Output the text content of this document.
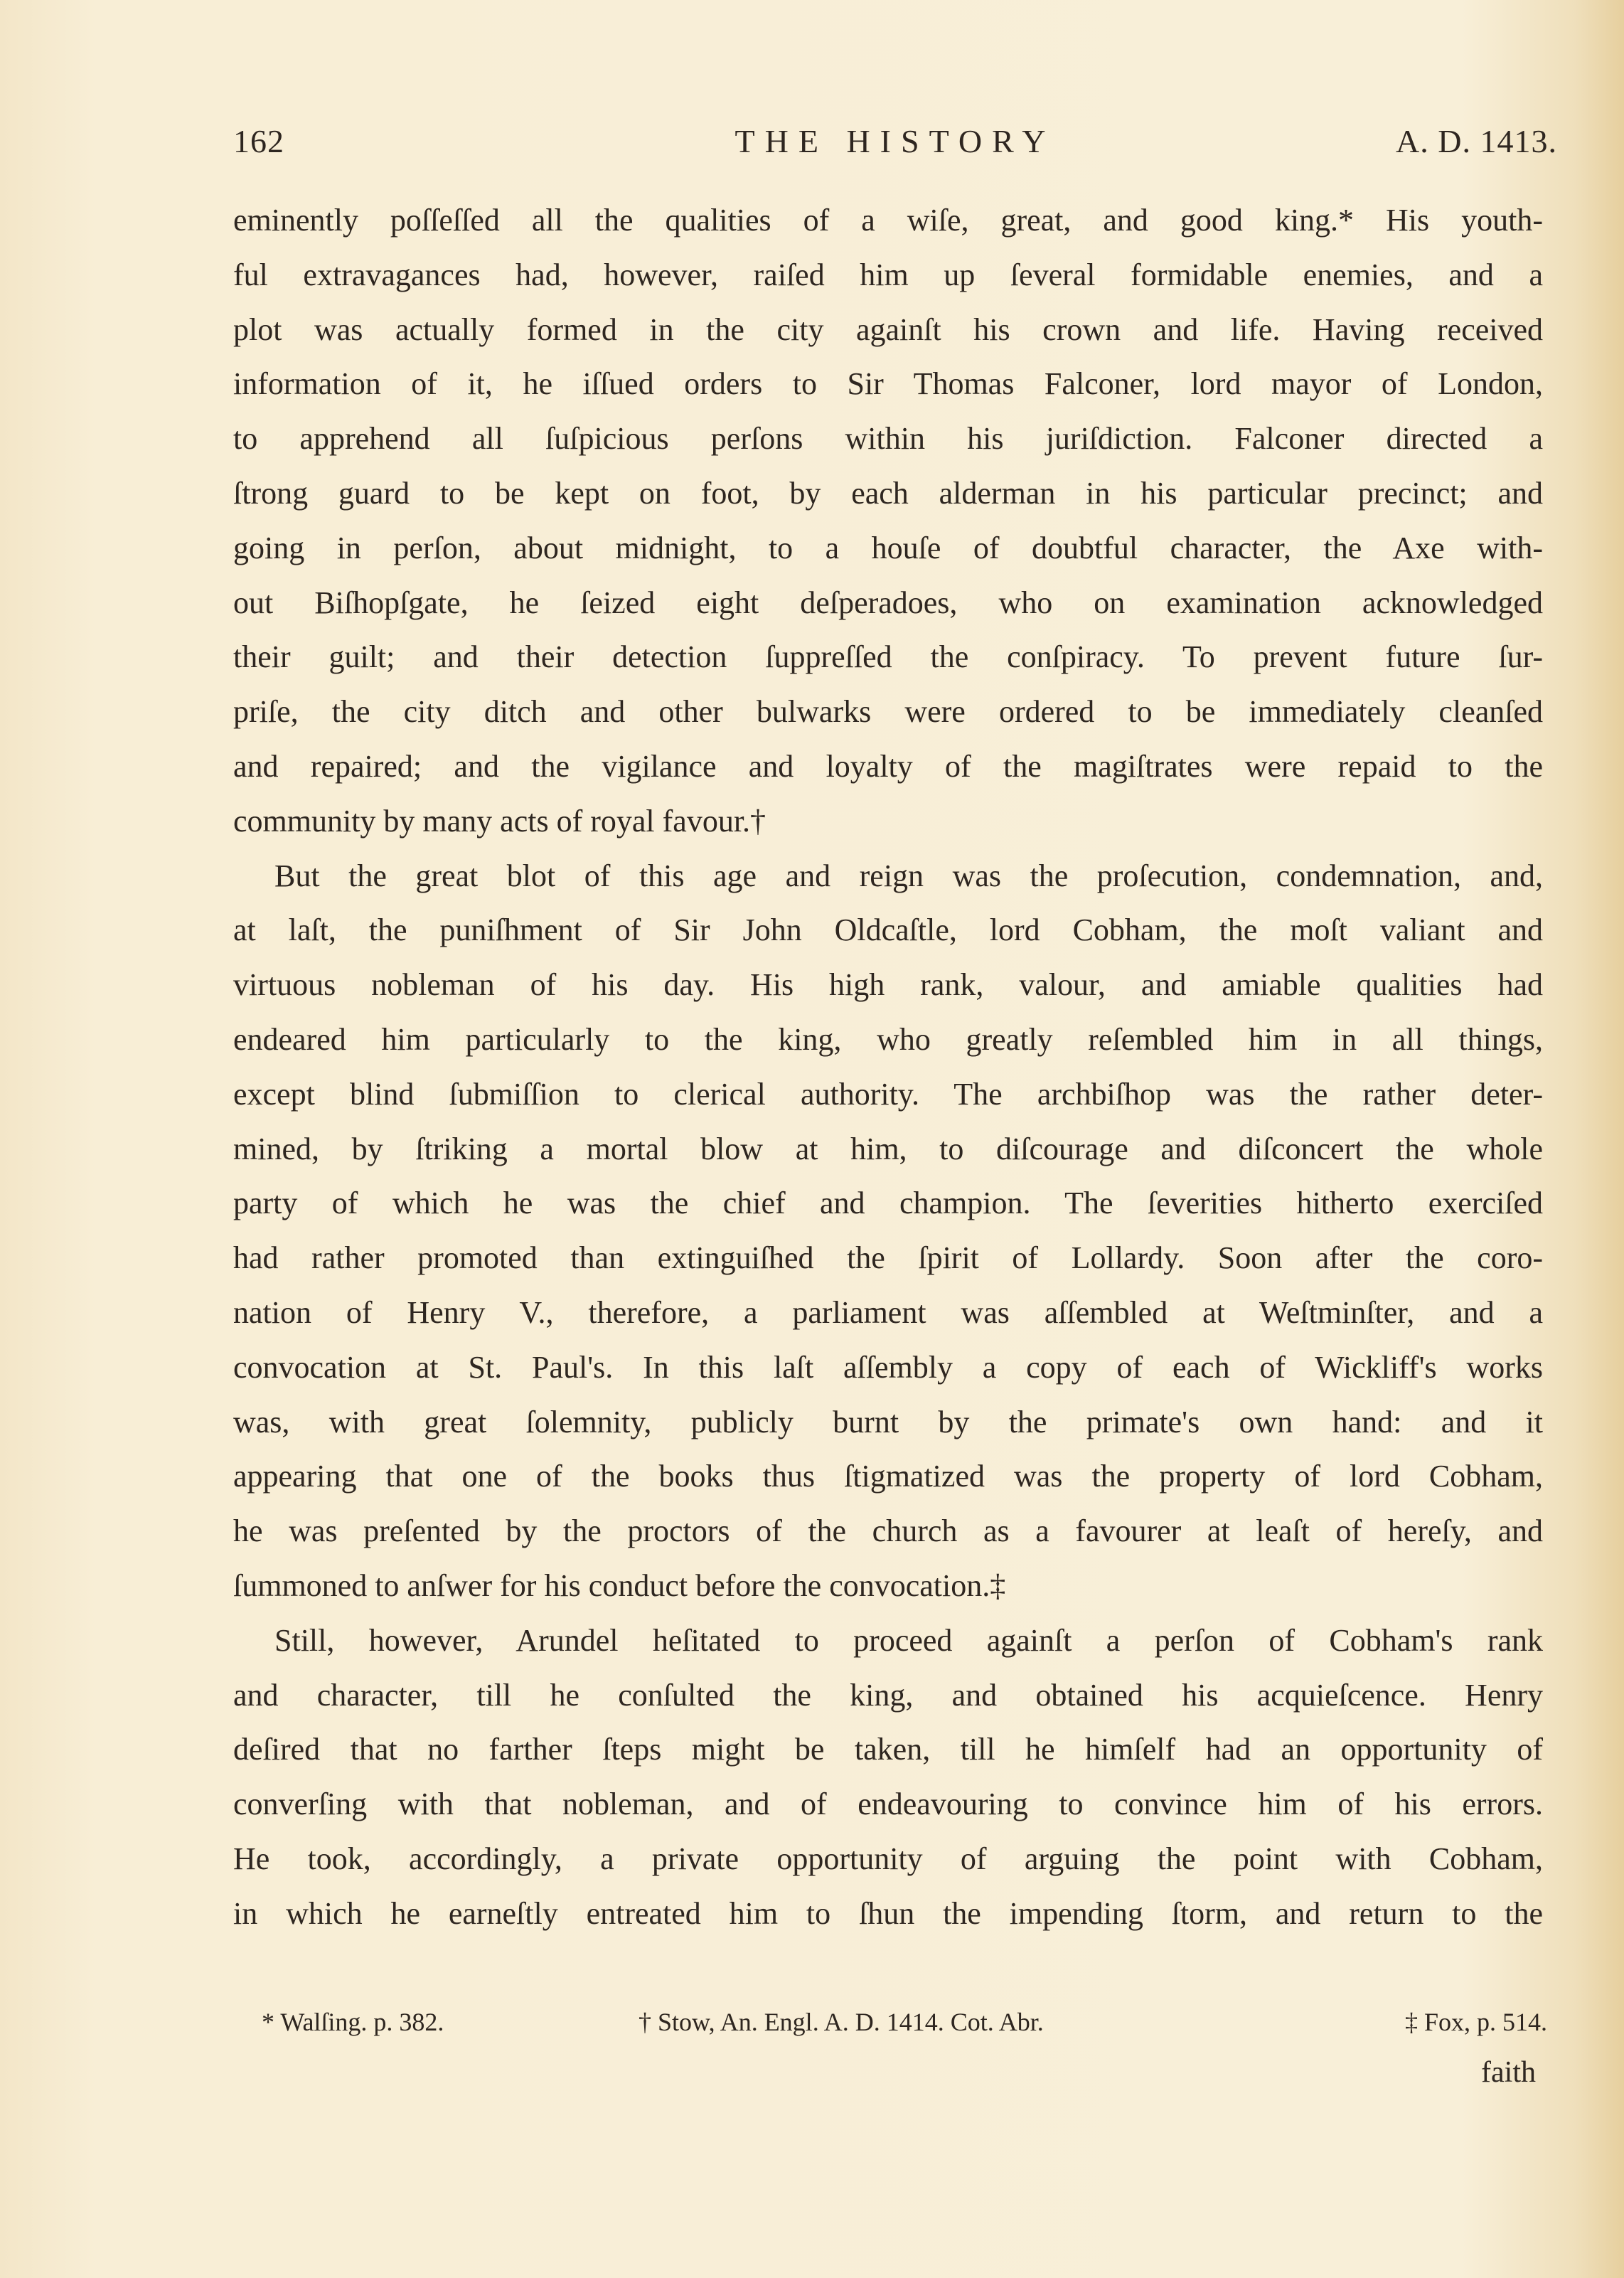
162	THE HISTORY	A. D. 1413.
eminently poſſeſſed all the qualities of a wiſe, great, and good king.* His youth-
ful extravagances had, however, raiſed him up ſeveral formidable enemies, and a
plot was actually formed in the city againſt his crown and life. Having received
information of it, he iſſued orders to Sir Thomas Falconer, lord mayor of London,
to apprehend all ſuſpicious perſons within his juriſdiction. Falconer directed a
ſtrong guard to be kept on foot, by each alderman in his particular precinct; and
going in perſon, about midnight, to a houſe of doubtful character, the Axe with-
out Biſhopſgate, he ſeized eight deſperadoes, who on examination acknowledged
their guilt; and their detection ſuppreſſed the conſpiracy. To prevent future ſur-
priſe, the city ditch and other bulwarks were ordered to be immediately cleanſed
and repaired; and the vigilance and loyalty of the magiſtrates were repaid to the
community by many acts of royal favour.†
But the great blot of this age and reign was the proſecution, condemnation, and,
at laſt, the puniſhment of Sir John Oldcaſtle, lord Cobham, the moſt valiant and
virtuous nobleman of his day. His high rank, valour, and amiable qualities had
endeared him particularly to the king, who greatly reſembled him in all things,
except blind ſubmiſſion to clerical authority. The archbiſhop was the rather deter-
mined, by ſtriking a mortal blow at him, to diſcourage and diſconcert the whole
party of which he was the chief and champion. The ſeverities hitherto exerciſed
had rather promoted than extinguiſhed the ſpirit of Lollardy. Soon after the coro-
nation of Henry V., therefore, a parliament was aſſembled at Weſtminſter, and a
convocation at St. Paul's. In this laſt aſſembly a copy of each of Wickliff's works
was, with great ſolemnity, publicly burnt by the primate's own hand: and it
appearing that one of the books thus ſtigmatized was the property of lord Cobham,
he was preſented by the proctors of the church as a favourer at leaſt of hereſy, and
ſummoned to anſwer for his conduct before the convocation.‡
Still, however, Arundel heſitated to proceed againſt a perſon of Cobham's rank
and character, till he conſulted the king, and obtained his acquieſcence. Henry
deſired that no farther ſteps might be taken, till he himſelf had an opportunity of
converſing with that nobleman, and of endeavouring to convince him of his errors.
He took, accordingly, a private opportunity of arguing the point with Cobham,
in which he earneſtly entreated him to ſhun the impending ſtorm, and return to the
* Walſing. p. 382.	† Stow, An. Engl. A. D. 1414. Cot. Abr.	‡ Fox, p. 514.
faith
